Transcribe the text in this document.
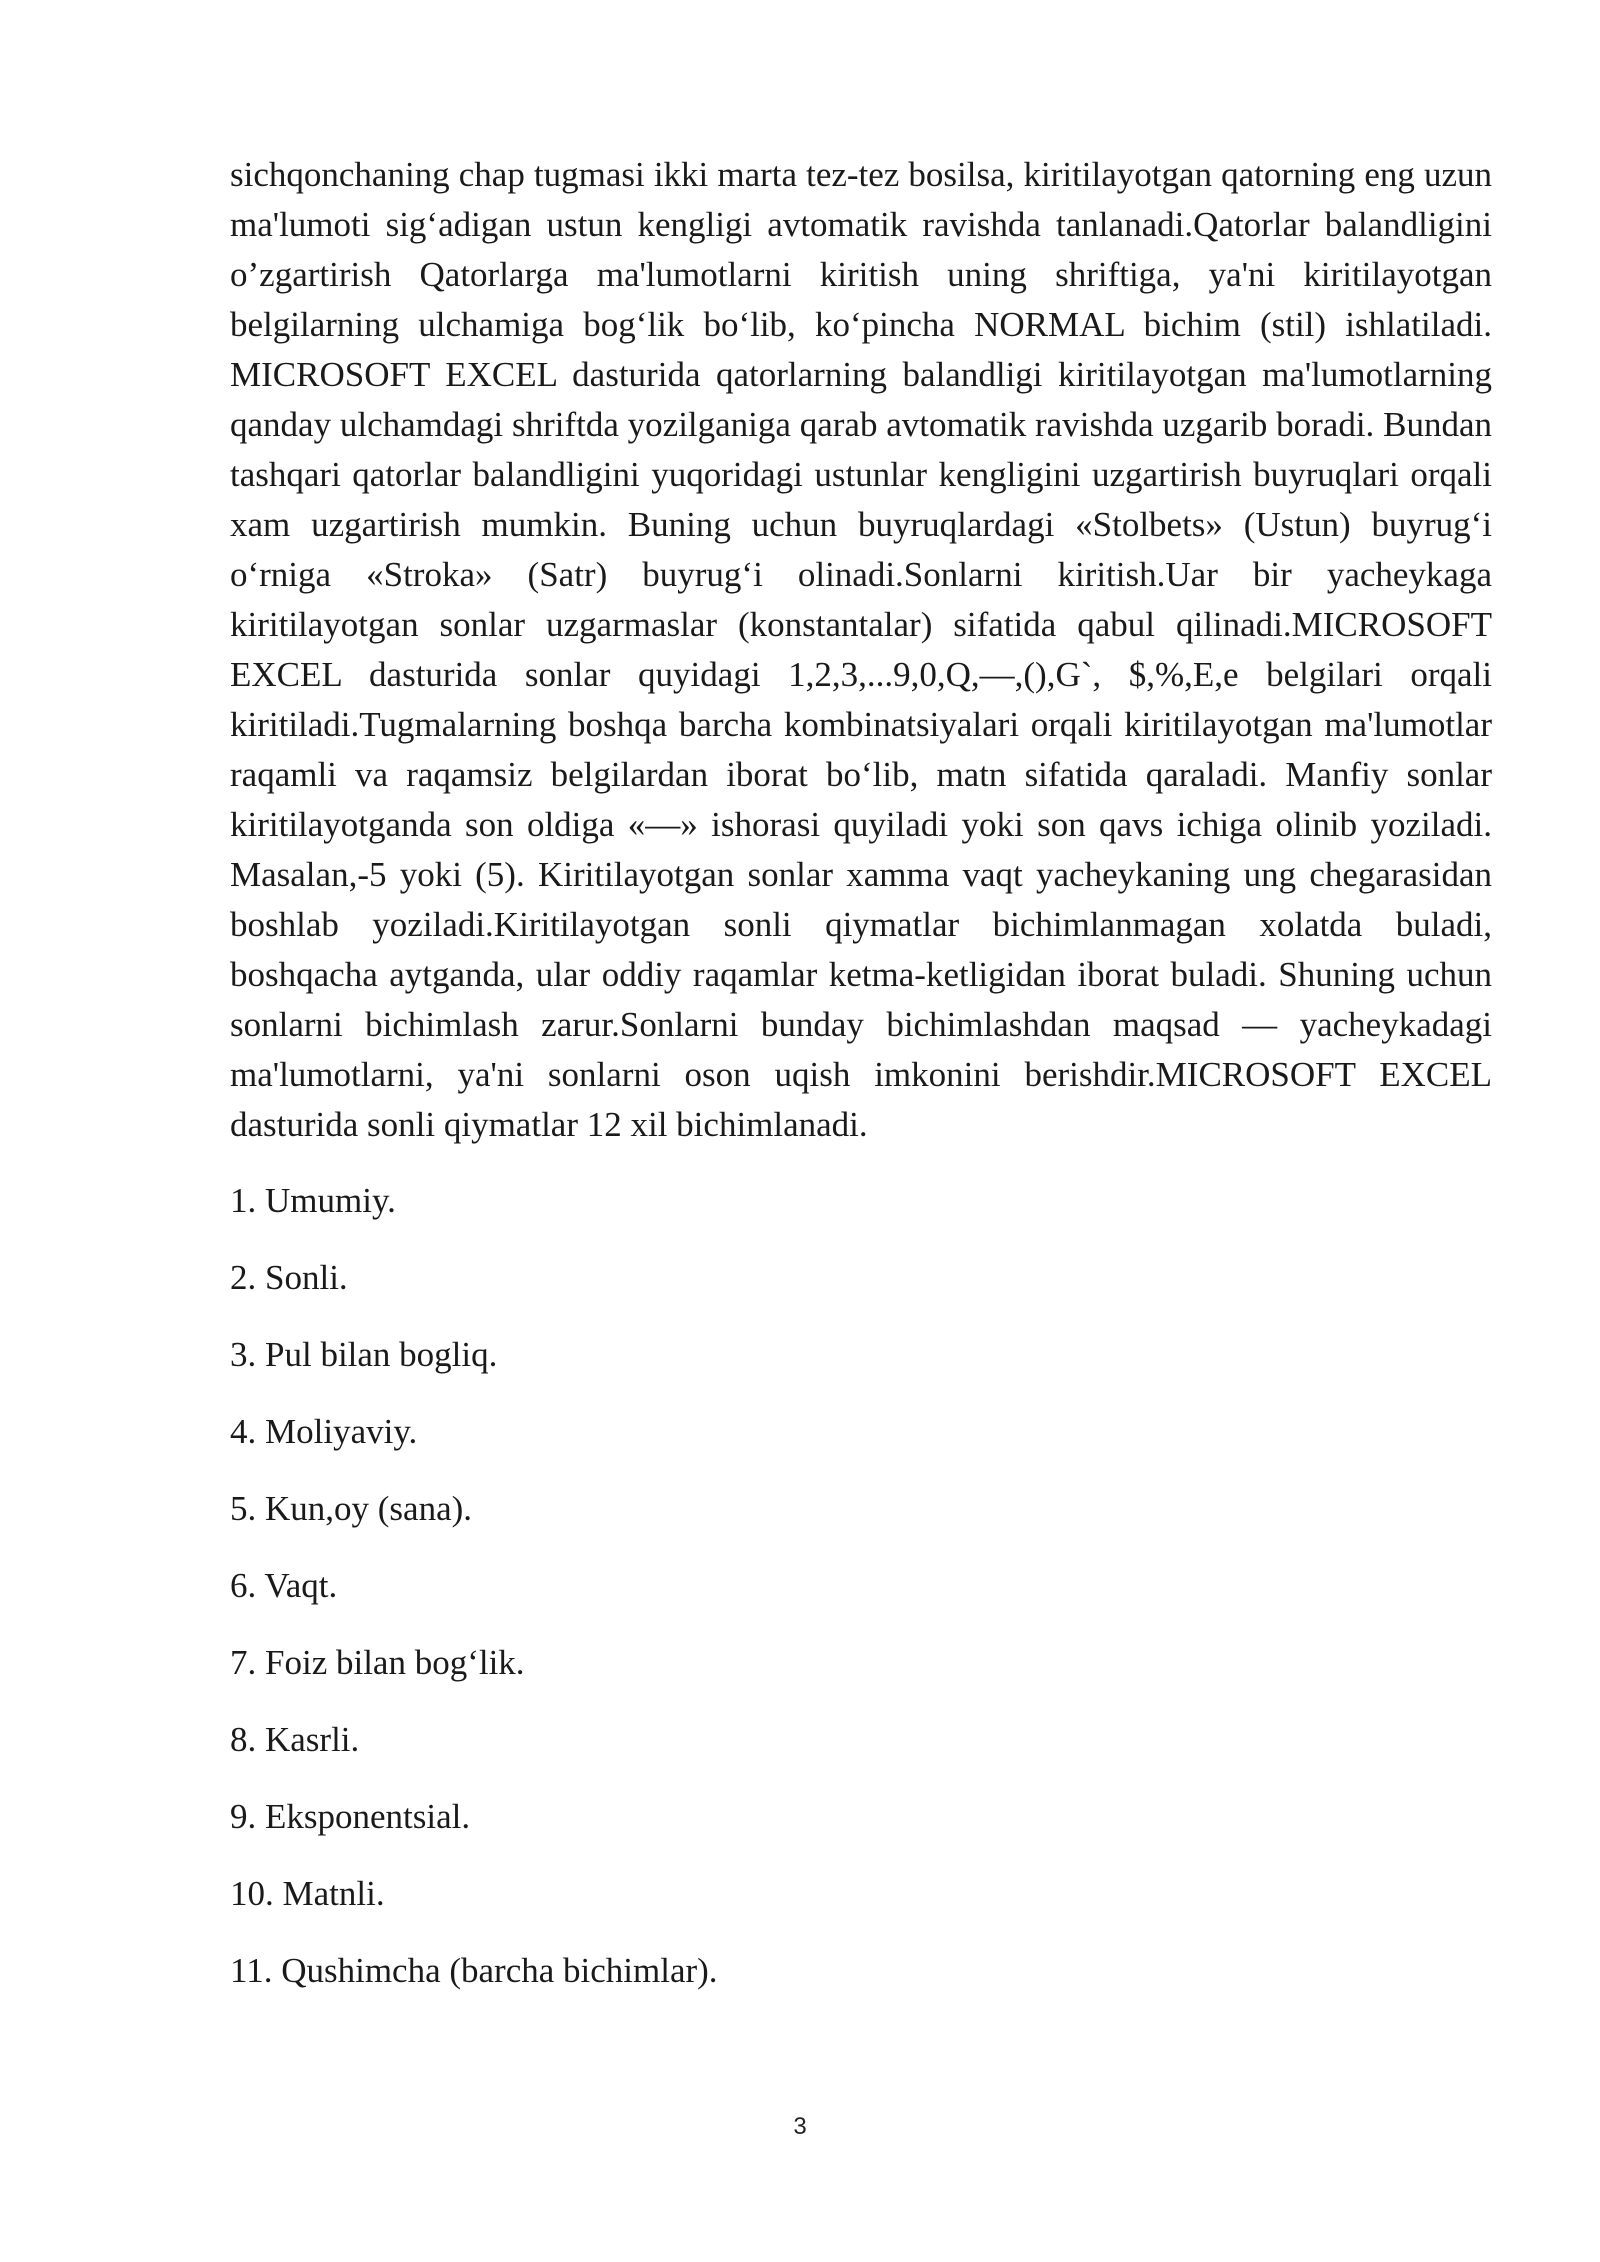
sichqonchaning chap tugmasi ikki marta tez-tez bosilsa, kiritilayotgan qatorning eng uzun ma'lumoti sig‘adigan ustun kengligi avtomatik ravishda tanlanadi.Qatorlar balandligini o’zgartirish Qatorlarga ma'lumotlarni kiritish uning shriftiga, ya'ni kiritilayotgan belgilarning ulchamiga bog‘lik bo‘lib, ko‘pincha NORMAL bichim (stil) ishlatiladi. MICROSOFT EXCEL dasturida qatorlarning balandligi kiritilayotgan ma'lumotlarning qanday ulchamdagi shriftda yozilganiga qarab avtomatik ravishda uzgarib boradi. Bundan tashqari qatorlar balandligini yuqoridagi ustunlar kengligini uzgartirish buyruqlari orqali xam uzgartirish mumkin. Buning uchun buyruqlardagi «Stolbets» (Ustun) buyrug‘i o‘rniga «Stroka» (Satr) buyrug‘i olinadi.Sonlarni kiritish.Uar bir yacheykaga kiritilayotgan sonlar uzgarmaslar (konstantalar) sifatida qabul qilinadi.MICROSOFT EXCEL dasturida sonlar quyidagi 1,2,3,...9,0,Q,—,(),G`, $,%,E,e belgilari orqali kiritiladi.Tugmalarning boshqa barcha kombinatsiyalari orqali kiritilayotgan ma'lumotlar raqamli va raqamsiz belgilardan iborat bo‘lib, matn sifatida qaraladi. Manfiy sonlar kiritilayotganda son oldiga «—» ishorasi quyiladi yoki son qavs ichiga olinib yoziladi. Masalan,-5 yoki (5). Kiritilayotgan sonlar xamma vaqt yacheykaning ung chegarasidan boshlab yoziladi.Kiritilayotgan sonli qiymatlar bichimlanmagan xolatda buladi, boshqacha aytganda, ular oddiy raqamlar ketma-ketligidan iborat buladi. Shuning uchun sonlarni bichimlash zarur.Sonlarni bunday bichimlashdan maqsad — yacheykadagi ma'lumotlarni, ya'ni sonlarni oson uqish imkonini berishdir.MICROSOFT EXCEL dasturida sonli qiymatlar 12 xil bichimlanadi.

1. Umumiy.
2. Sonli.
3. Pul bilan bogliq.
4. Moliyaviy.
5. Kun,oy (sana).
6. Vaqt.
7. Foiz bilan bog‘lik.
8. Kasrli.
9. Eksponentsial.
10. Matnli.
11. Qushimcha (barcha bichimlar).
3
